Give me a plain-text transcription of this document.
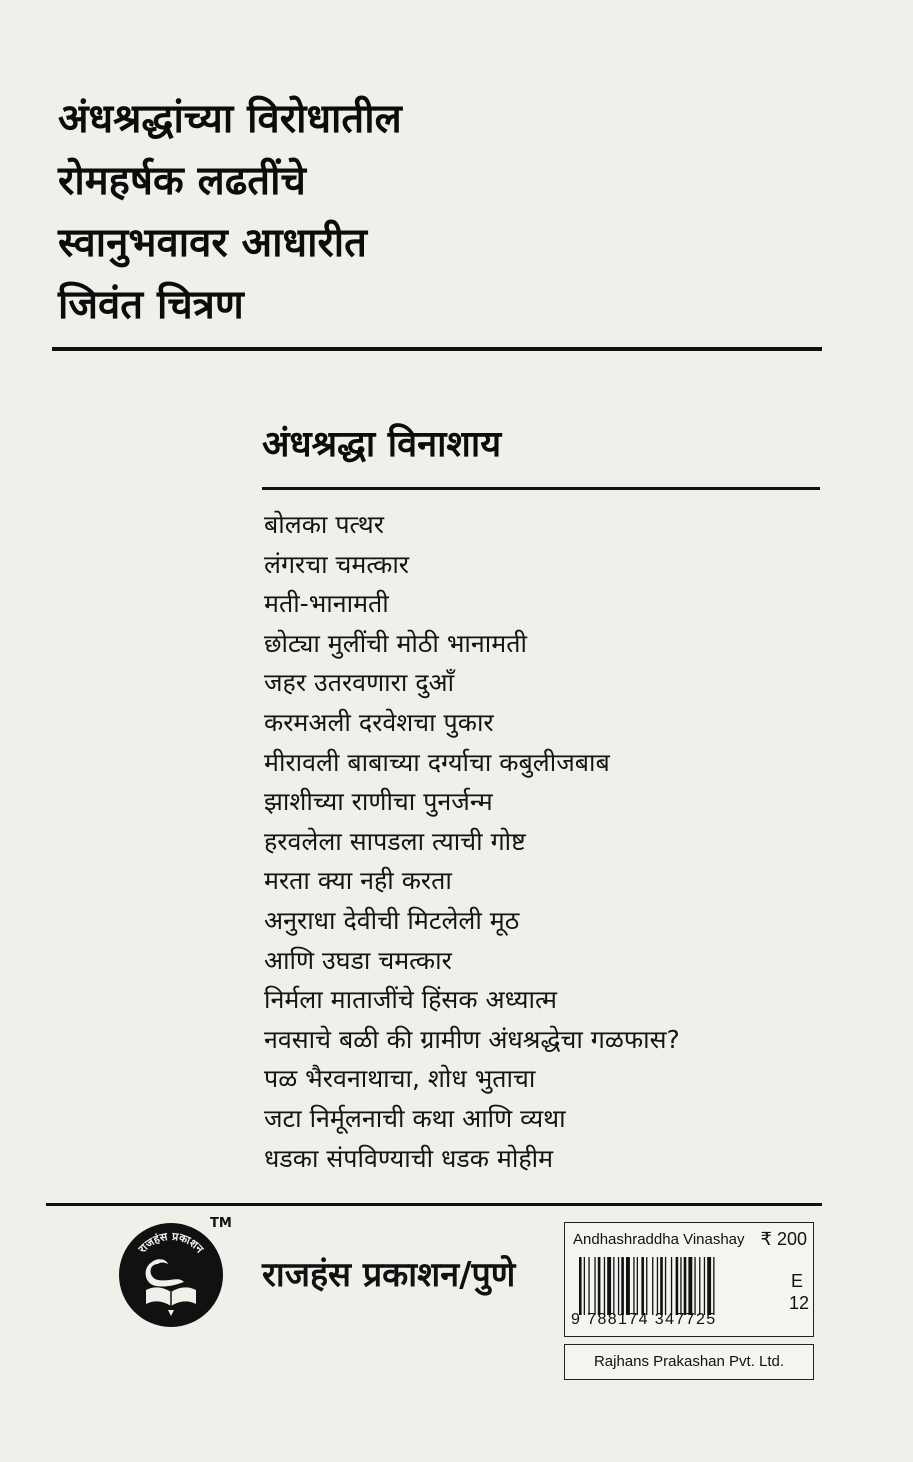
अंधश्रद्धांच्या विरोधातील
रोमहर्षक लढतींचे
स्वानुभवावर आधारीत
जिवंत चित्रण
अंधश्रद्धा विनाशाय
बोलका पत्थर
लंगरचा चमत्कार
मती-भानामती
छोट्या मुलींची मोठी भानामती
जहर उतरवणारा दुआँ
करमअली दरवेशचा पुकार
मीरावली बाबाच्या दर्ग्याचा कबुलीजबाब
झाशीच्या राणीचा पुनर्जन्म
हरवलेला सापडला त्याची गोष्ट
मरता क्या नही करता
अनुराधा देवीची मिटलेली मूठ
आणि उघडा चमत्कार
निर्मला माताजींचे हिंसक अध्यात्म
नवसाचे बळी की ग्रामीण अंधश्रद्धेचा गळफास?
पळ भैरवनाथाचा, शोध भुताचा
जटा निर्मूलनाची कथा आणि व्यथा
धडका संपविण्याची धडक मोहीम
राजहंस प्रकाशन
TM
राजहंस प्रकाशन/पुणे
Andhashraddha Vinashay ₹ 200
E
12
9 788174 347725
Rajhans Prakashan Pvt. Ltd.
